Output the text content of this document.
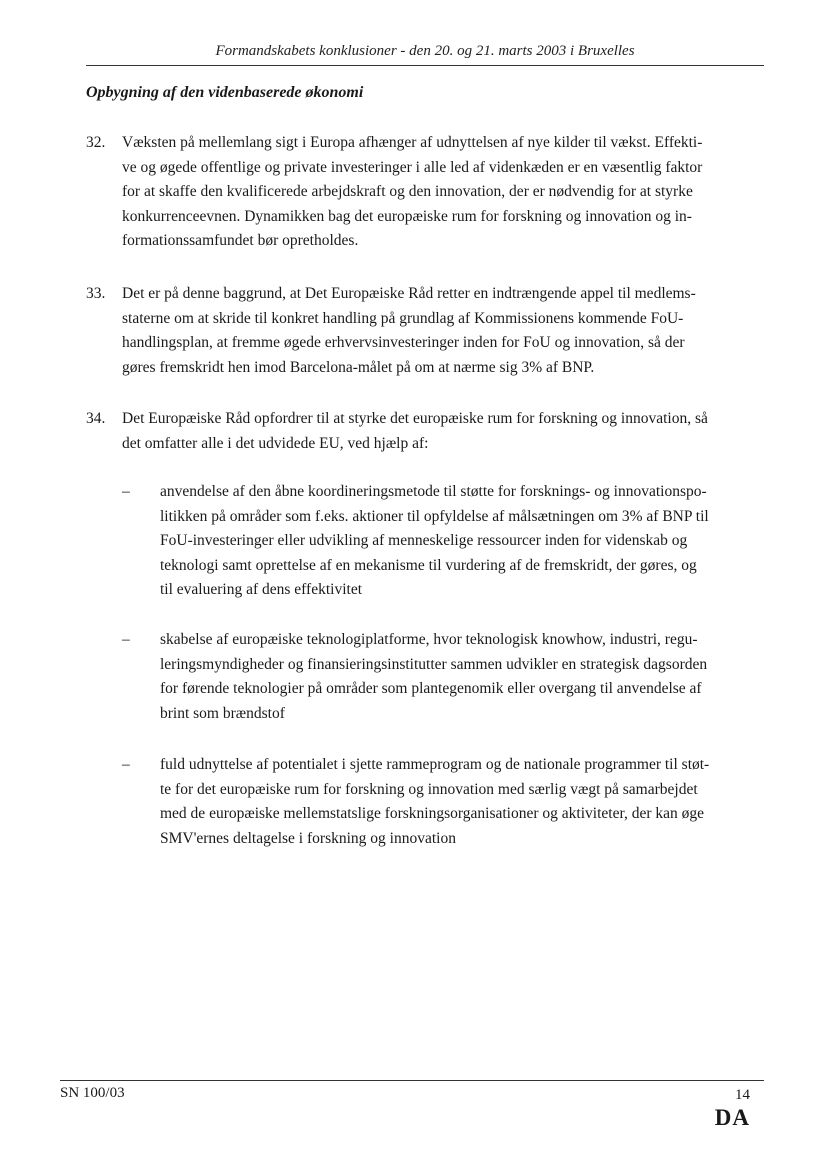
Formandskabets konklusioner - den 20. og 21. marts 2003 i Bruxelles
Opbygning af den videnbaserede økonomi
32. Væksten på mellemlang sigt i Europa afhænger af udnyttelsen af nye kilder til vækst. Effekti-
ve og øgede offentlige og private investeringer i alle led af videnkæden er en væsentlig faktor
for at skaffe den kvalificerede arbejdskraft og den innovation, der er nødvendig for at styrke
konkurrenceevnen. Dynamikken bag det europæiske rum for forskning og innovation og in-
formationssamfundet bør opretholdes.
33. Det er på denne baggrund, at Det Europæiske Råd retter en indtrængende appel til medlems-
staterne om at skride til konkret handling på grundlag af Kommissionens kommende FoU-
handlingsplan, at fremme øgede erhvervsinvesteringer inden for FoU og innovation, så der
gøres fremskridt hen imod Barcelona-målet på om at nærme sig 3% af BNP.
34. Det Europæiske Råd opfordrer til at styrke det europæiske rum for forskning og innovation, så
det omfatter alle i det udvidede EU, ved hjælp af:
– anvendelse af den åbne koordineringsmetode til støtte for forsknings- og innovationspo-
litikken på områder som f.eks. aktioner til opfyldelse af målsætningen om 3% af BNP til
FoU-investeringer eller udvikling af menneskelige ressourcer inden for videnskab og
teknologi samt oprettelse af en mekanisme til vurdering af de fremskridt, der gøres, og
til evaluering af dens effektivitet
– skabelse af europæiske teknologiplatforme, hvor teknologisk knowhow, industri, regu-
leringsmyndigheder og finansieringsinstitutter sammen udvikler en strategisk dagsorden
for førende teknologier på områder som plantegenomik eller overgang til anvendelse af
brint som brændstof
– fuld udnyttelse af potentialet i sjette rammeprogram og de nationale programmer til støt-
te for det europæiske rum for forskning og innovation med særlig vægt på samarbejdet
med de europæiske mellemstatslige forskningsorganisationer og aktiviteter, der kan øge
SMV'ernes deltagelse i forskning og innovation
SN 100/03	14
DA
